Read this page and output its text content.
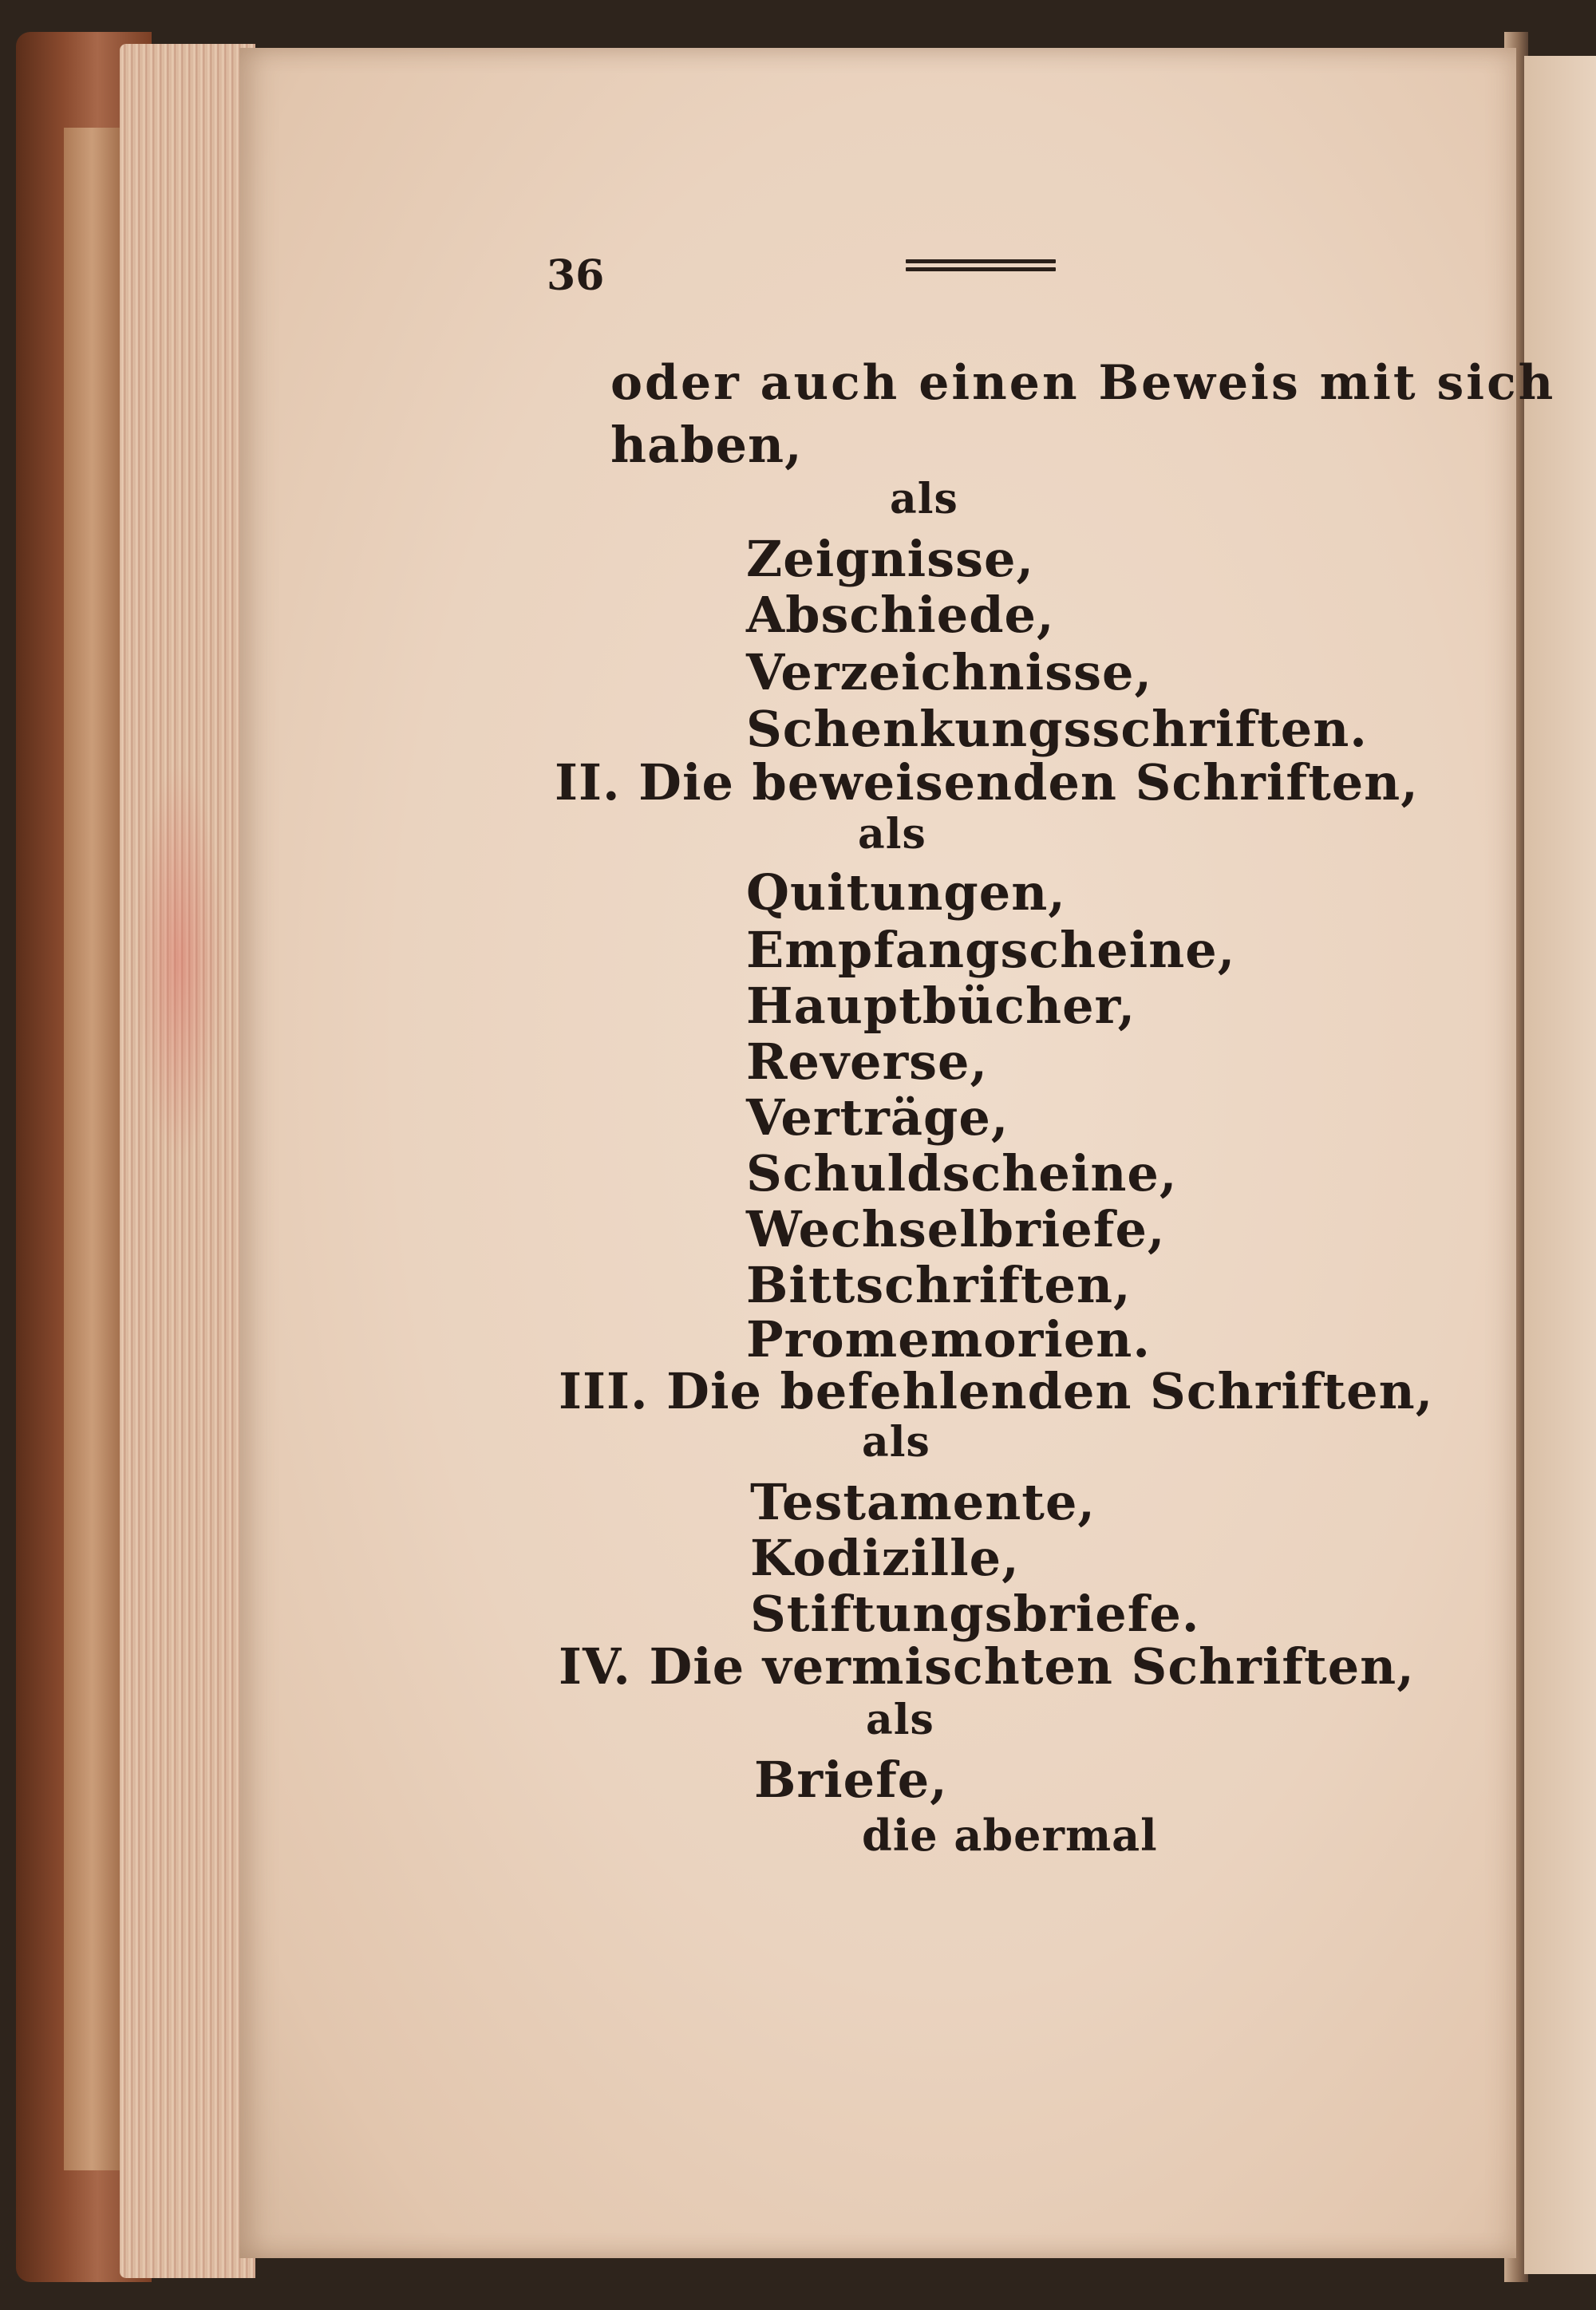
36
oder auch einen Beweis mit sich
haben,
als
Zeignisse,
Abschiede,
Verzeichnisse,
Schenkungsschriften.
II. Die beweisenden Schriften,
als
Quitungen,
Empfangscheine,
Hauptbücher,
Reverse,
Verträge,
Schuldscheine,
Wechselbriefe,
Bittschriften,
Promemorien.
III. Die befehlenden Schriften,
als
Testamente,
Kodizille,
Stiftungsbriefe.
IV. Die vermischten Schriften,
als
Briefe,
die abermal
